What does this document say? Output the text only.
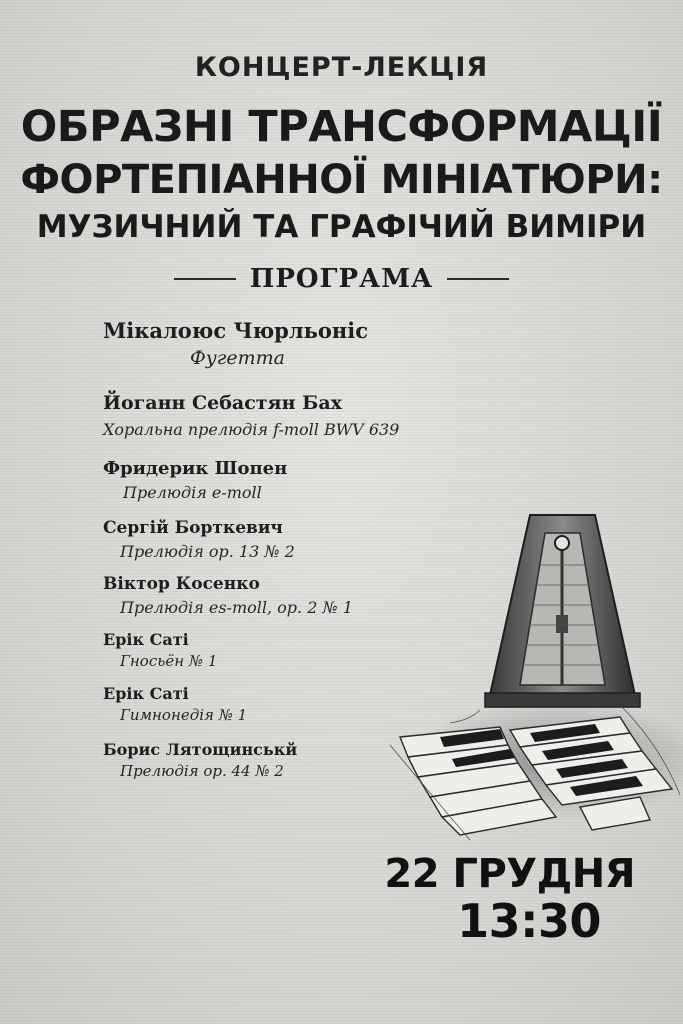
КОНЦЕРТ-ЛЕКЦІЯ
ОБРАЗНІ ТРАНСФОРМАЦІЇ
ФОРТЕПІАННОЇ МІНІАТЮРИ:
МУЗИЧНИЙ ТА ГРАФІЧИЙ ВИМІРИ
ПРОГРАМА
Мікалоюс Чюрльоніс
Фугетта
Йоганн Себастян Бах
Хоральна прелюдія f-moll BWV 639
Фридерик Шопен
Прелюдія e-moll
Сергій Борткевич
Прелюдія op. 13 № 2
Віктор Косенко
Прелюдія es-moll, op. 2 № 1
Ерік Саті
Гносьён № 1
Ерік Саті
Гимнонедія № 1
Борис Лятощинськй
Прелюдія op. 44 № 2
22 ГРУДНЯ
13:30
